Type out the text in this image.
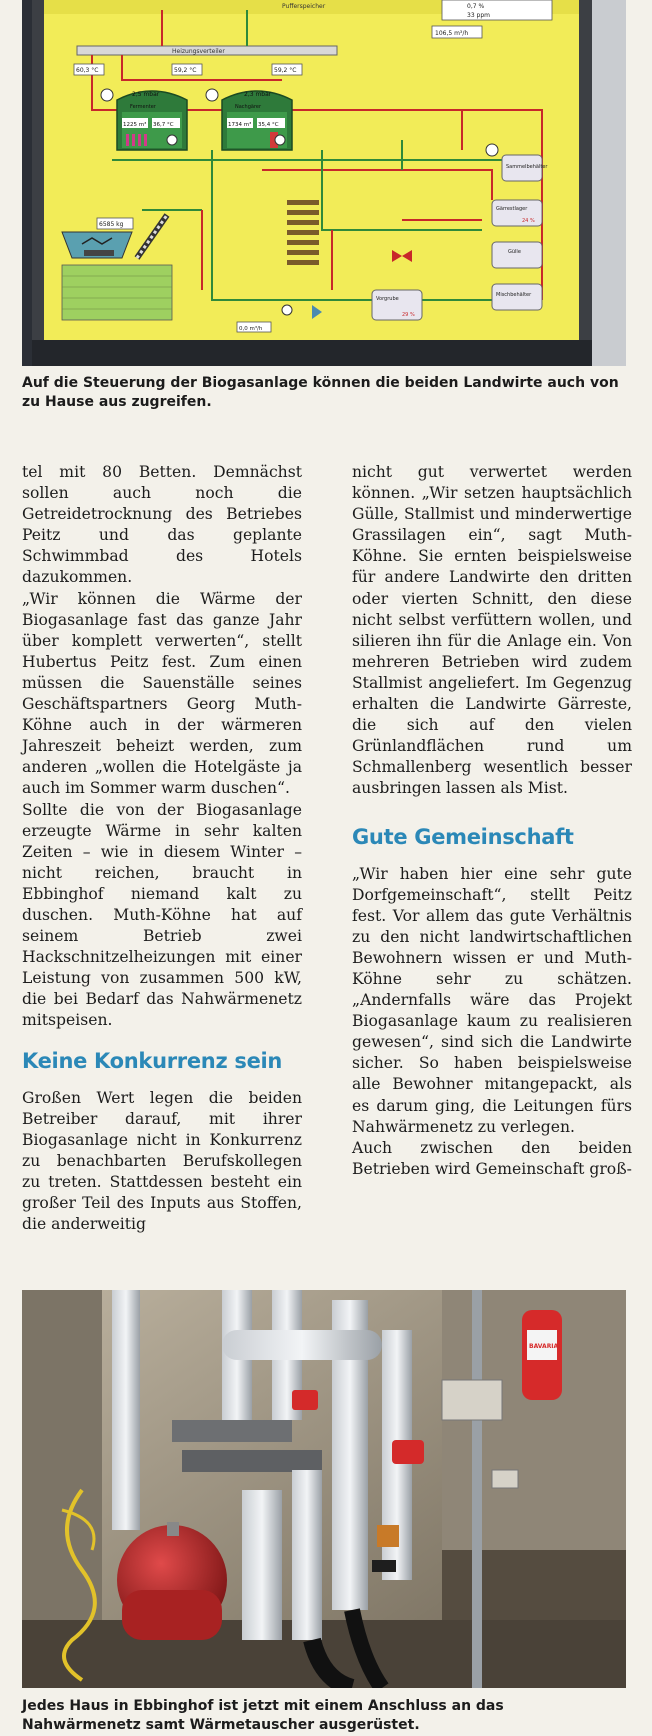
Heizungsverteiler
Pufferspeicher	0,7 %
33 ppm
106,5 m³/h
60,3 °C	59,2 °C	59,2 °C
2,5 mbar
Fermenter
1225 m³ 36,7 °C
2,3 mbar
Nachgärer
1734 m³ 35,4 °C
6585 kg
Gärrestlager
24 %
Gülle
Mischbehälter
Sammelbehälter
Vorgrube
29 %
0,0 m³/h

Auf die Steuerung der Biogasanlage können die beiden Landwirte auch von zu Hause aus zugreifen.

tel mit 80 Betten. Demnächst sollen auch noch die Getreidetrocknung des Betriebes Peitz und das geplante Schwimmbad des Hotels dazukommen.

„Wir können die Wärme der Biogasanlage fast das ganze Jahr über komplett verwerten“, stellt Hubertus Peitz fest. Zum einen müssen die Sauenställe seines Geschäftspartners Georg Muth-Köhne auch in der wärmeren Jahreszeit beheizt werden, zum anderen „wollen die Hotelgäste ja auch im Sommer warm duschen“.

Sollte die von der Biogasanlage erzeugte Wärme in sehr kalten Zeiten – wie in diesem Winter – nicht reichen, braucht in Ebbinghof niemand kalt zu duschen. Muth-Köhne hat auf seinem Betrieb zwei Hackschnitzelheizungen mit einer Leistung von zusammen 500 kW, die bei Bedarf das Nahwärmenetz mitspeisen.

Keine Konkurrenz sein

Großen Wert legen die beiden Betreiber darauf, mit ihrer Biogasanlage nicht in Konkurrenz zu benachbarten Berufskollegen zu treten. Stattdessen besteht ein großer Teil des Inputs aus Stoffen, die anderweitig

nicht gut verwertet werden können. „Wir setzen hauptsächlich Gülle, Stallmist und minderwertige Grassilagen ein“, sagt Muth-Köhne. Sie ernten beispielsweise für andere Landwirte den dritten oder vierten Schnitt, den diese nicht selbst verfüttern wollen, und silieren ihn für die Anlage ein. Von mehreren Betrieben wird zudem Stallmist angeliefert. Im Gegenzug erhalten die Landwirte Gärreste, die sich auf den vielen Grünlandflächen rund um Schmallenberg wesentlich besser ausbringen lassen als Mist.

Gute Gemeinschaft

„Wir haben hier eine sehr gute Dorfgemeinschaft“, stellt Peitz fest. Vor allem das gute Verhältnis zu den nicht landwirtschaftlichen Bewohnern wissen er und Muth-Köhne sehr zu schätzen. „Andernfalls wäre das Projekt Biogasanlage kaum zu realisieren gewesen“, sind sich die Landwirte sicher. So haben beispielsweise alle Bewohner mitangepackt, als es darum ging, die Leitungen fürs Nahwärmenetz zu verlegen.

Auch zwischen den beiden Betrieben wird Gemeinschaft groß-

BAVARIA

Jedes Haus in Ebbinghof ist jetzt mit einem Anschluss an das Nahwärmenetz samt Wärmetauscher ausgerüstet.
